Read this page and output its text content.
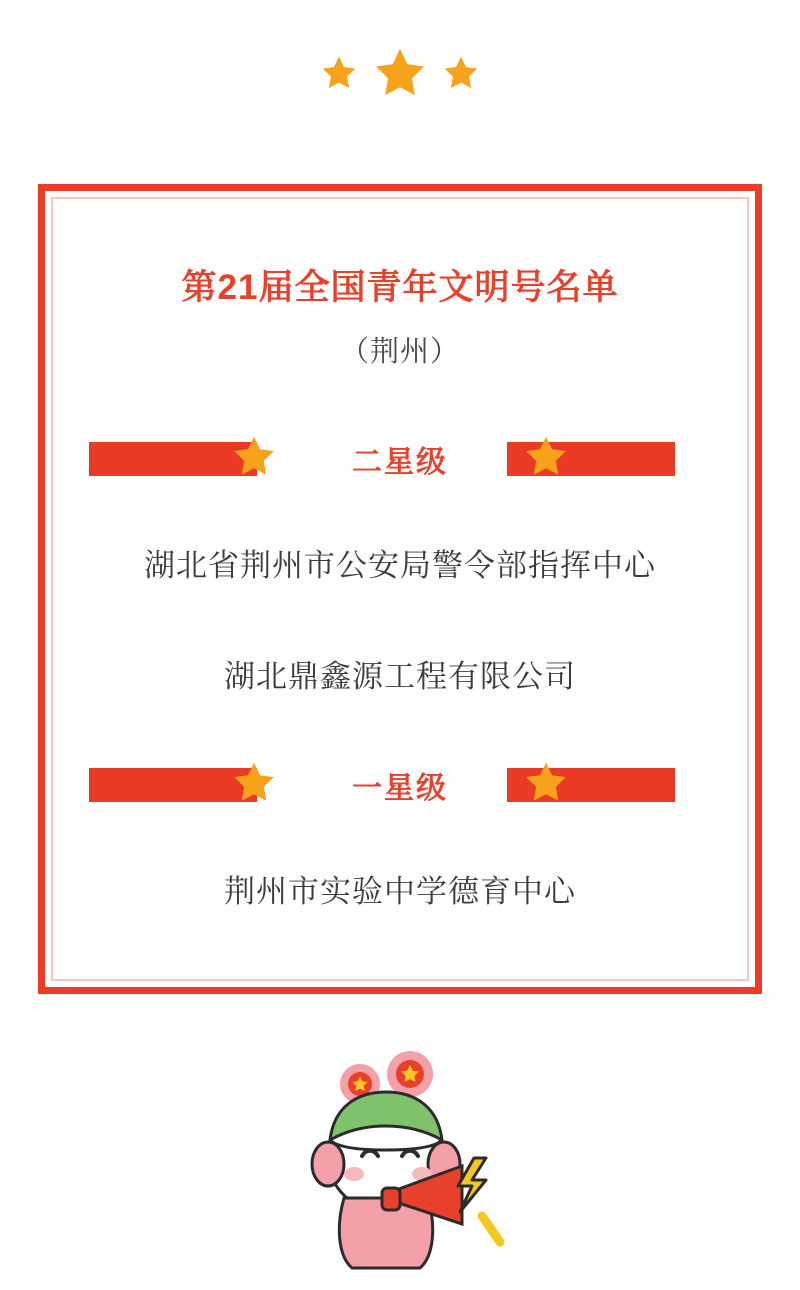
第21届全国青年文明号名单
（荆州）
二星级
湖北省荆州市公安局警令部指挥中心
湖北鼎鑫源工程有限公司
一星级
荆州市实验中学德育中心
